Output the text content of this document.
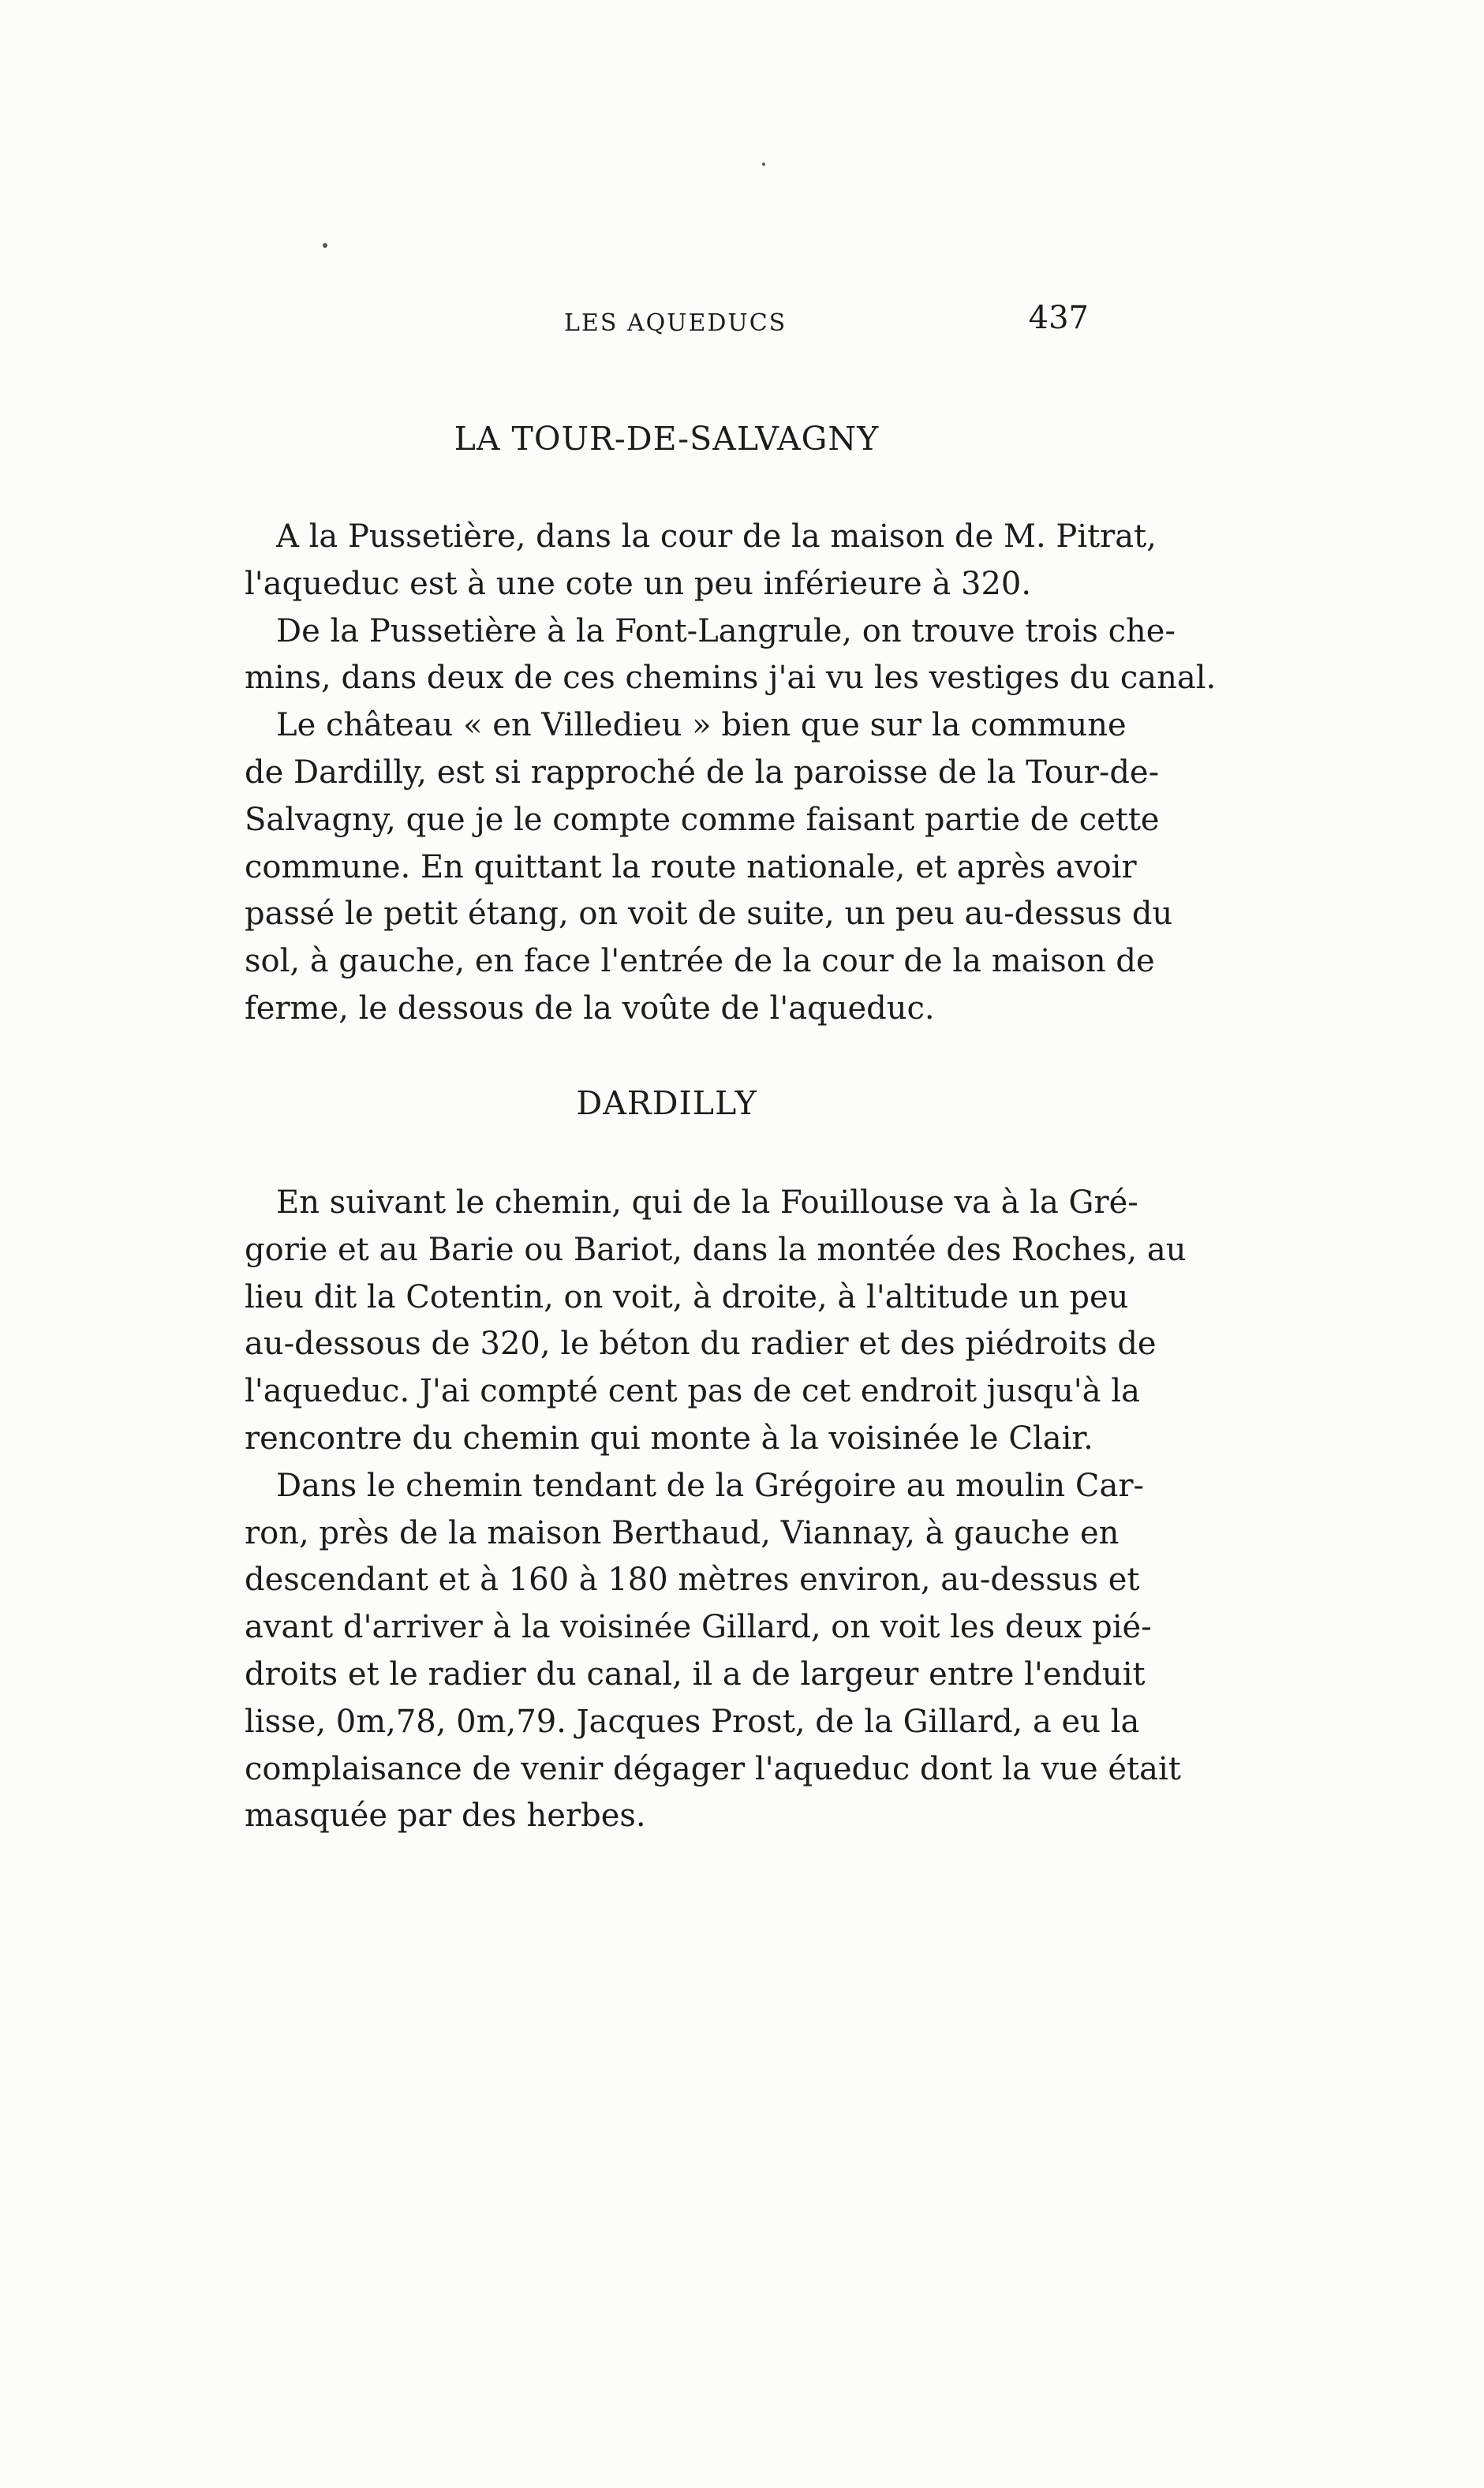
LES AQUEDUCS	437
LA TOUR-DE-SALVAGNY
A la Pussetière, dans la cour de la maison de M. Pitrat,
l'aqueduc est à une cote un peu inférieure à 320.
De la Pussetière à la Font-Langrule, on trouve trois che-
mins, dans deux de ces chemins j'ai vu les vestiges du canal.
Le château « en Villedieu » bien que sur la commune
de Dardilly, est si rapproché de la paroisse de la Tour-de-
Salvagny, que je le compte comme faisant partie de cette
commune. En quittant la route nationale, et après avoir
passé le petit étang, on voit de suite, un peu au-dessus du
sol, à gauche, en face l'entrée de la cour de la maison de
ferme, le dessous de la voûte de l'aqueduc.
DARDILLY
En suivant le chemin, qui de la Fouillouse va à la Gré-
gorie et au Barie ou Bariot, dans la montée des Roches, au
lieu dit la Cotentin, on voit, à droite, à l'altitude un peu
au-dessous de 320, le béton du radier et des piédroits de
l'aqueduc. J'ai compté cent pas de cet endroit jusqu'à la
rencontre du chemin qui monte à la voisinée le Clair.
Dans le chemin tendant de la Grégoire au moulin Car-
ron, près de la maison Berthaud, Viannay, à gauche en
descendant et à 160 à 180 mètres environ, au-dessus et
avant d'arriver à la voisinée Gillard, on voit les deux pié-
droits et le radier du canal, il a de largeur entre l'enduit
lisse, 0m,78, 0m,79. Jacques Prost, de la Gillard, a eu la
complaisance de venir dégager l'aqueduc dont la vue était
masquée par des herbes.
